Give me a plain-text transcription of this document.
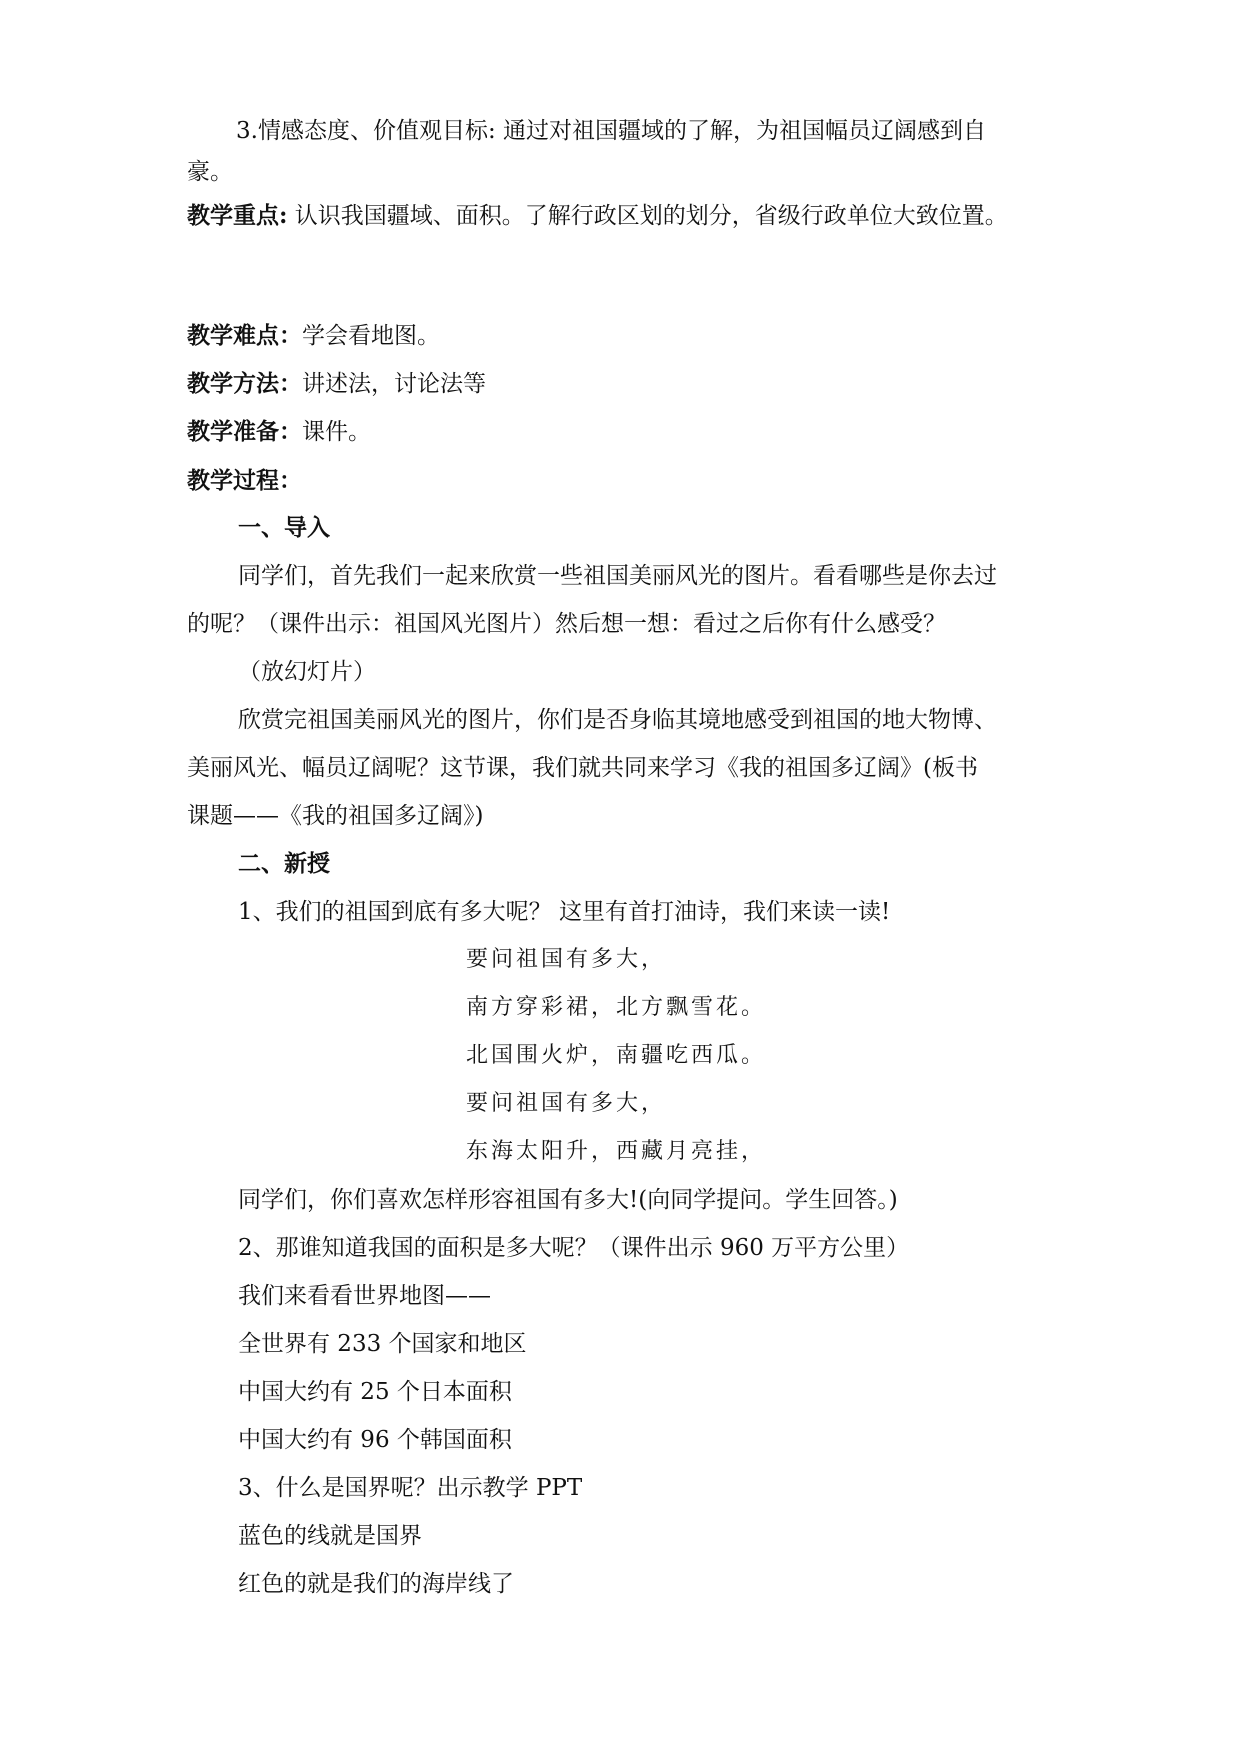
3.情感态度、价值观目标: 通过对祖国疆域的了解，为祖国幅员辽阔感到自
豪。
教学重点: 认识我国疆域、面积。了解行政区划的划分，省级行政单位大致位置。
教学难点：学会看地图。
教学方法：讲述法，讨论法等
教学准备：课件。
教学过程：
一、导入
同学们，首先我们一起来欣赏一些祖国美丽风光的图片。看看哪些是你去过
的呢？（课件出示：祖国风光图片）然后想一想：看过之后你有什么感受？
（放幻灯片）
欣赏完祖国美丽风光的图片，你们是否身临其境地感受到祖国的地大物博、
美丽风光、幅员辽阔呢？这节课，我们就共同来学习《我的祖国多辽阔》(板书
课题——《我的祖国多辽阔》)
二、新授
1、我们的祖国到底有多大呢？ 这里有首打油诗，我们来读一读!
要问祖国有多大，
南方穿彩裙，北方飘雪花。
北国围火炉，南疆吃西瓜。
要问祖国有多大，
东海太阳升，西藏月亮挂，
同学们，你们喜欢怎样形容祖国有多大!(向同学提问。学生回答。)
2、那谁知道我国的面积是多大呢？（课件出示 960 万平方公里）
我们来看看世界地图——
全世界有 233 个国家和地区
中国大约有 25 个日本面积
中国大约有 96 个韩国面积
3、什么是国界呢？出示教学 PPT
蓝色的线就是国界
红色的就是我们的海岸线了
